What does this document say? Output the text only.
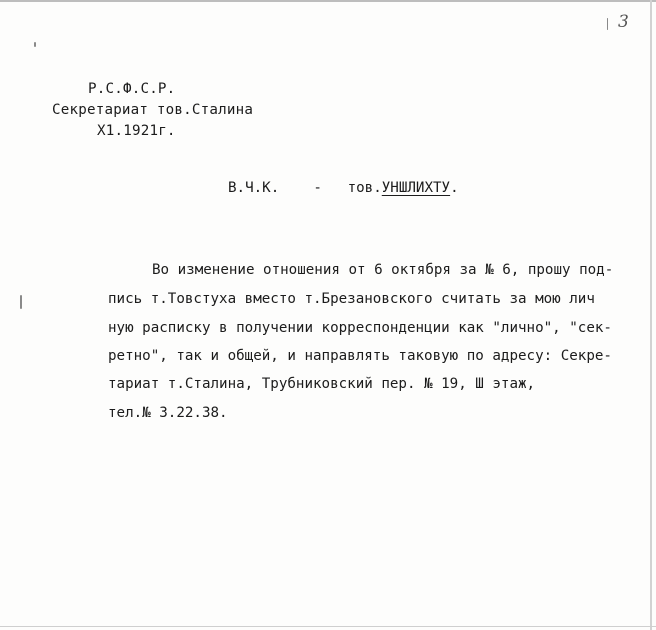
3
Р.С.Ф.С.Р.
Секретариат тов.Сталина
Х1.1921г.
В.Ч.К. - тов.УНШЛИХТУ.
Во изменение отношения от 6 октября за № 6, прошу под-
пись т.Товстуха вместо т.Брезановского считать за мою лич
ную расписку в получении корреспонденции как "лично", "сек-
ретно", так и общей, и направлять таковую по адресу: Секре-
тариат т.Сталина, Трубниковский пер. № 19, Ш этаж,
тел.№ 3.22.38.
